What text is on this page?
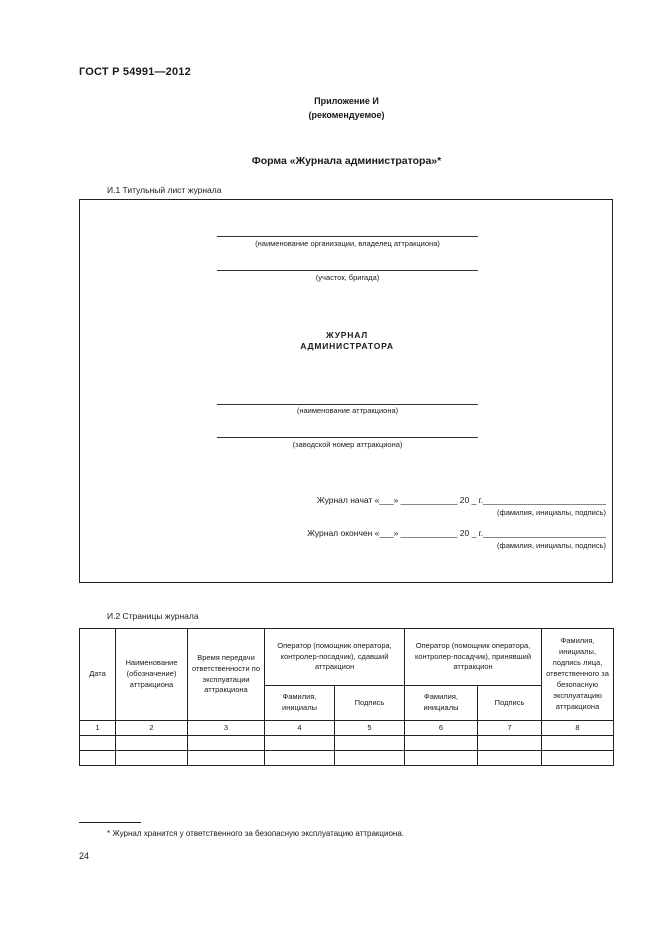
ГОСТ Р 54991—2012
Приложение И
(рекомендуемое)
Форма «Журнала администратора»*
И.1 Титульный лист журнала
(наименование организации, владелец аттракциона)
(участок, бригада)
ЖУРНАЛ
АДМИНИСТРАТОРА
(наименование аттракциона)
(заводской номер аттракциона)
Журнал начат «___» ____________ 20 _ г.__________________________
(фамилия, инициалы, подпись)
Журнал окончен «___» ____________ 20 _ г.__________________________
(фамилия, инициалы, подпись)
И.2 Страницы журнала
Дата	Наименование (обозначение) аттракциона	Время передачи ответственности по эксплуатации аттракциона	Оператор (помощник оператора, контролер-посадчик), сдавший аттракцион		Оператор (помощник оператора, контролер-посадчик), принявший аттракцион		Фамилия, инициалы, подпись лица, ответственного за безопасную эксплуатацию аттракциона
			Фамилия, инициалы	Подпись	Фамилия, инициалы	Подпись	
1	2	3	4	5	6	7	8

* Журнал хранится у ответственного за безопасную эксплуатацию аттракциона.
24
